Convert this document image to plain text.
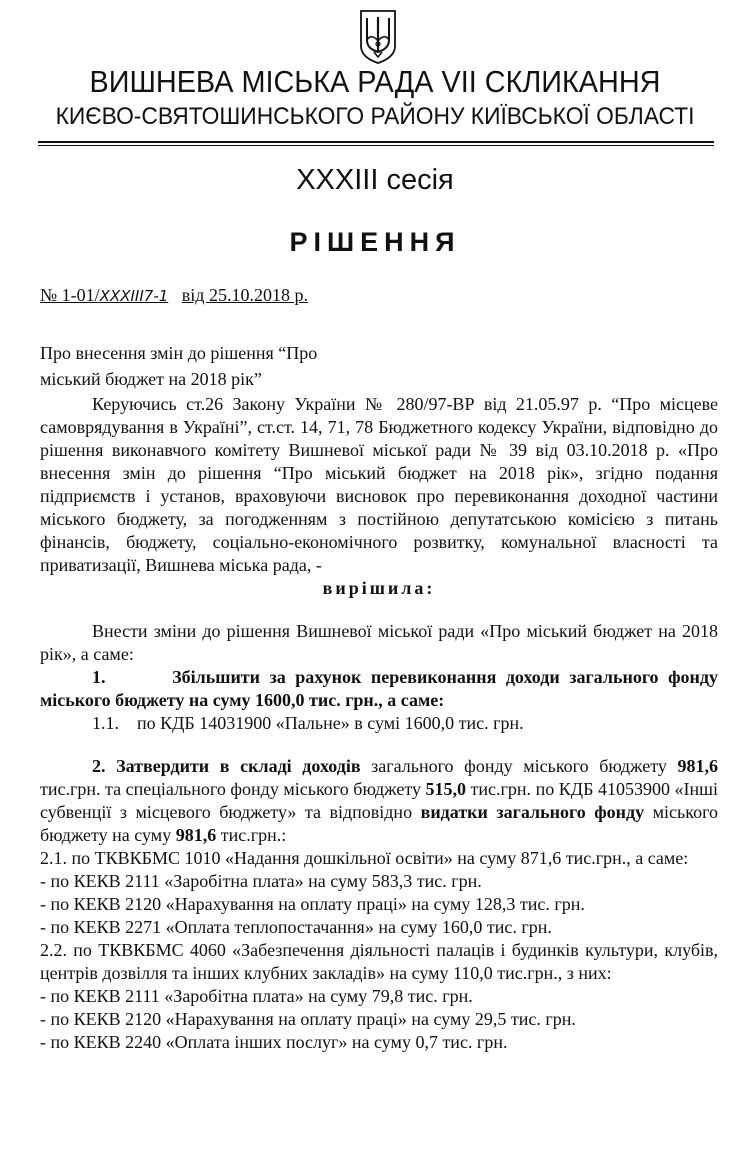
ВИШНЕВА МІСЬКА РАДА VII СКЛИКАННЯ
КИЄВО-СВЯТОШИНСЬКОГО РАЙОНУ КИЇВСЬКОЇ ОБЛАСТІ
XXXIII сесія
РІШЕННЯ
№ 1-01/XXXIII7-1 від 25.10.2018 р.
Про внесення змін до рішення “Про
міський бюджет на 2018 рік”

Керуючись ст.26 Закону України № 280/97-ВР від 21.05.97 р. “Про місцеве самоврядування в Україні”, ст.ст. 14, 71, 78 Бюджетного кодексу України, відповідно до рішення виконавчого комітету Вишневої міської ради № 39 від 03.10.2018 р. «Про внесення змін до рішення “Про міський бюджет на 2018 рік», згідно подання підприємств і установ, враховуючи висновок про перевиконання доходної частини міського бюджету, за погодженням з постійною депутатською комісією з питань фінансів, бюджету, соціально-економічного розвитку, комунальної власності та приватизації, Вишнева міська рада, -

вирішила:

Внести зміни до рішення Вишневої міської ради «Про міський бюджет на 2018 рік», а саме:

1.	Збільшити за рахунок перевиконання доходи загального фонду міського бюджету на суму 1600,0 тис. грн., а саме:

1.1. по КДБ 14031900 «Пальне» в сумі 1600,0 тис. грн.

2. Затвердити в складі доходів загального фонду міського бюджету 981,6 тис.грн. та спеціального фонду міського бюджету 515,0 тис.грн. по КДБ 41053900 «Інші субвенції з місцевого бюджету» та відповідно видатки загального фонду міського бюджету на суму 981,6 тис.грн.:

2.1. по ТКВКБМС 1010 «Надання дошкільної освіти» на суму 871,6 тис.грн., а саме:

- по КЕКВ 2111 «Заробітна плата» на суму 583,3 тис. грн.

- по КЕКВ 2120 «Нарахування на оплату праці» на суму 128,3 тис. грн.

- по КЕКВ 2271 «Оплата теплопостачання» на суму 160,0 тис. грн.

2.2. по ТКВКБМС 4060 «Забезпечення діяльності палаців і будинків культури, клубів, центрів дозвілля та інших клубних закладів» на суму 110,0 тис.грн., з них:

- по КЕКВ 2111 «Заробітна плата» на суму 79,8 тис. грн.

- по КЕКВ 2120 «Нарахування на оплату праці» на суму 29,5 тис. грн.

- по КЕКВ 2240 «Оплата інших послуг» на суму 0,7 тис. грн.
